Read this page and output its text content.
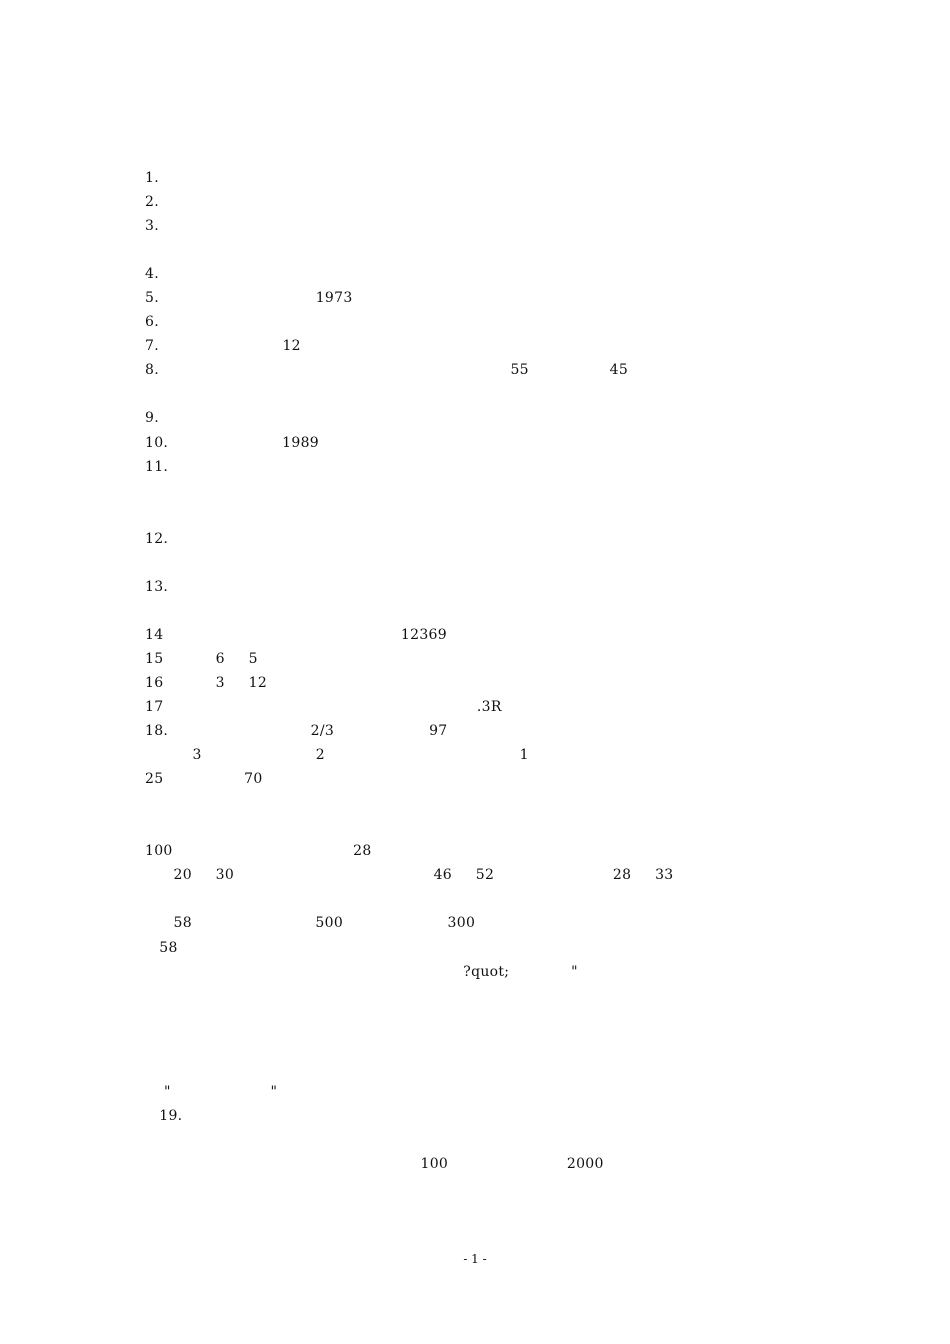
1.
2.
3.

4.
5.                                 1973
6.
7.                          12
8.                                                                          55                 45

9.
10.                        1989
11.

12.

13.

14                                                  12369
15           6     5
16           3     12
17                                                                  .3R
18.                              2/3                    97
3                        2                                         1
25                 70

100                                      28
20     30                                          46     52                         28     33

58                          500                      300
58
?quot;             "

"                     "
19.

100                         2000
- 1 -
